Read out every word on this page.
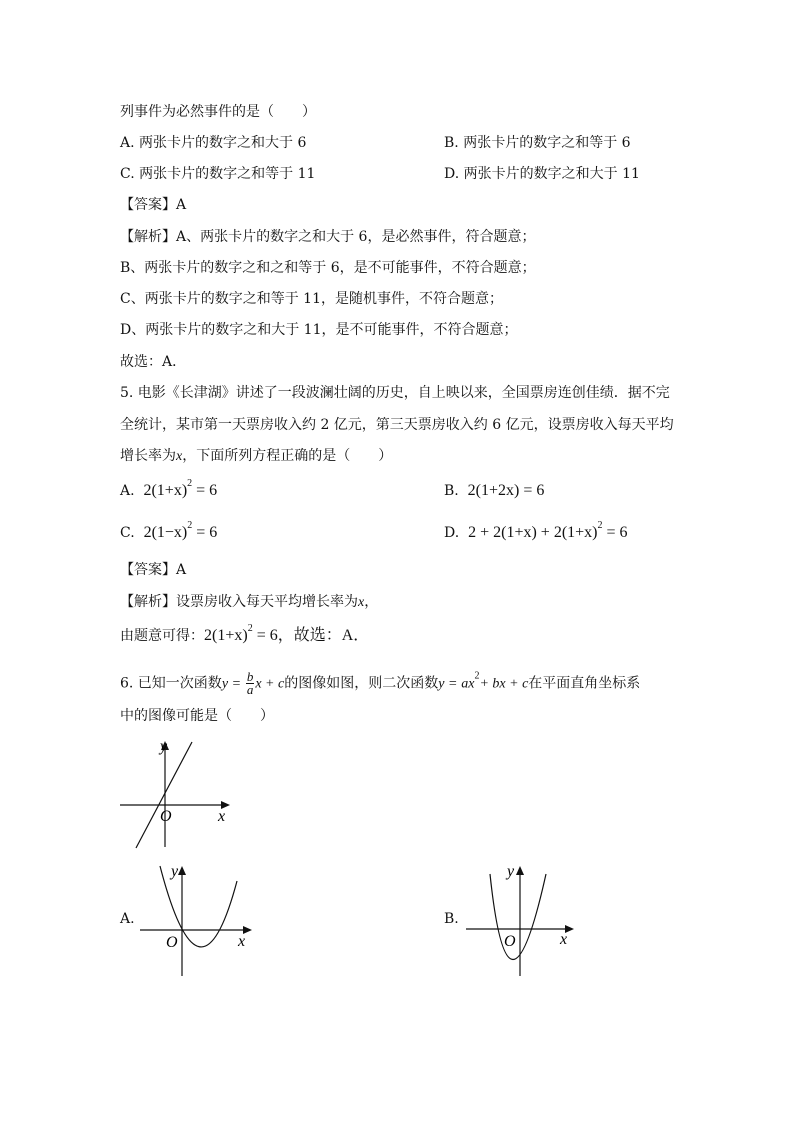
列事件为必然事件的是（　　）
A. 两张卡片的数字之和大于 6	B. 两张卡片的数字之和等于 6
C. 两张卡片的数字之和等于 11	D. 两张卡片的数字之和大于 11
【答案】A
【解析】A、两张卡片的数字之和大于 6，是必然事件，符合题意；
B、两张卡片的数字之和之和等于 6，是不可能事件，不符合题意；
C、两张卡片的数字之和等于 11，是随机事件，不符合题意；
D、两张卡片的数字之和大于 11，是不可能事件，不符合题意；
故选：A．
5. 电影《长津湖》讲述了一段波澜壮阔的历史，自上映以来，全国票房连创佳绩．据不完
全统计，某市第一天票房收入约 2 亿元，第三天票房收入约 6 亿元，设票房收入每天平均
增长率为x，下面所列方程正确的是（　　）
A. $2(1+x)^2 = 6$	B. 2(1+2x) = 6
C. $2(1-x)^2 = 6$	D. $2 + 2(1+x) + 2(1+x)^2 = 6$
【答案】A
【解析】设票房收入每天平均增长率为x，
由题意可得：$2(1+x)^2 = 6$，故选：A．
6. 已知一次函数$y = \frac{b}{a}$ x + c的图像如图，则二次函数$y = ax^2+$ bx + c在平面直角坐标系
中的图像可能是（　　）
y
x
O
A.
y
x
O
B.
y
x
O
